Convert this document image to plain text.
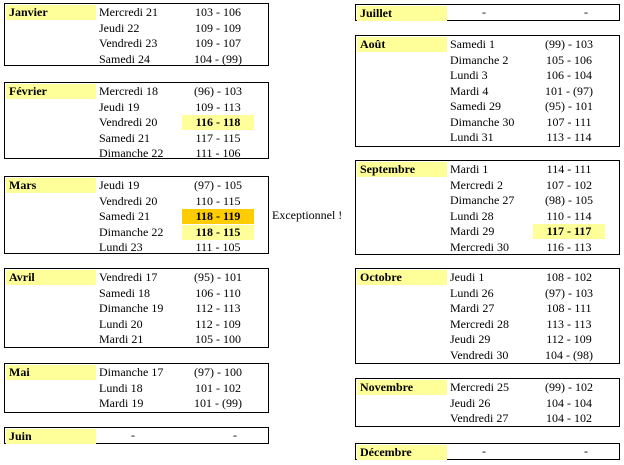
Janvier	Mercredi 21	103 - 106
Jeudi 22	109 - 109
Vendredi 23	109 - 107
Samedi 24	104 - (99)
Février	Mercredi 18	(96) - 103
Jeudi 19	109 - 113
Vendredi 20	116 - 118
Samedi 21	117 - 115
Dimanche 22	111 - 106
Mars	Jeudi 19	(97) - 105
Vendredi 20	110 - 115
Samedi 21	118 - 119
Dimanche 22	118 - 115
Lundi 23	111 - 105
Avril	Vendredi 17	(95) - 101
Samedi 18	106 - 110
Dimanche 19	112 - 113
Lundi 20	112 - 109
Mardi 21	105 - 100
Mai	Dimanche 17	(97) - 100
Lundi 18	101 - 102
Mardi 19	101 - (99)
Juin	-	-
Juillet	-	-
Août	Samedi 1	(99) - 103
Dimanche 2	105 - 106
Lundi 3	106 - 104
Mardi 4	101 - (97)
Samedi 29	(95) - 101
Dimanche 30	107 - 111
Lundi 31	113 - 114
Septembre	Mardi 1	114 - 111
Mercredi 2	107 - 102
Dimanche 27	(98) - 105
Lundi 28	110 - 114
Mardi 29	117 - 117
Mercredi 30	116 - 113
Octobre	Jeudi 1	108 - 102
Lundi 26	(97) - 103
Mardi 27	108 - 111
Mercredi 28	113 - 113
Jeudi 29	112 - 109
Vendredi 30	104 - (98)
Novembre	Mercredi 25	(99) - 102
Jeudi 26	104 - 104
Vendredi 27	104 - 102
Décembre	-	-
Exceptionnel !
